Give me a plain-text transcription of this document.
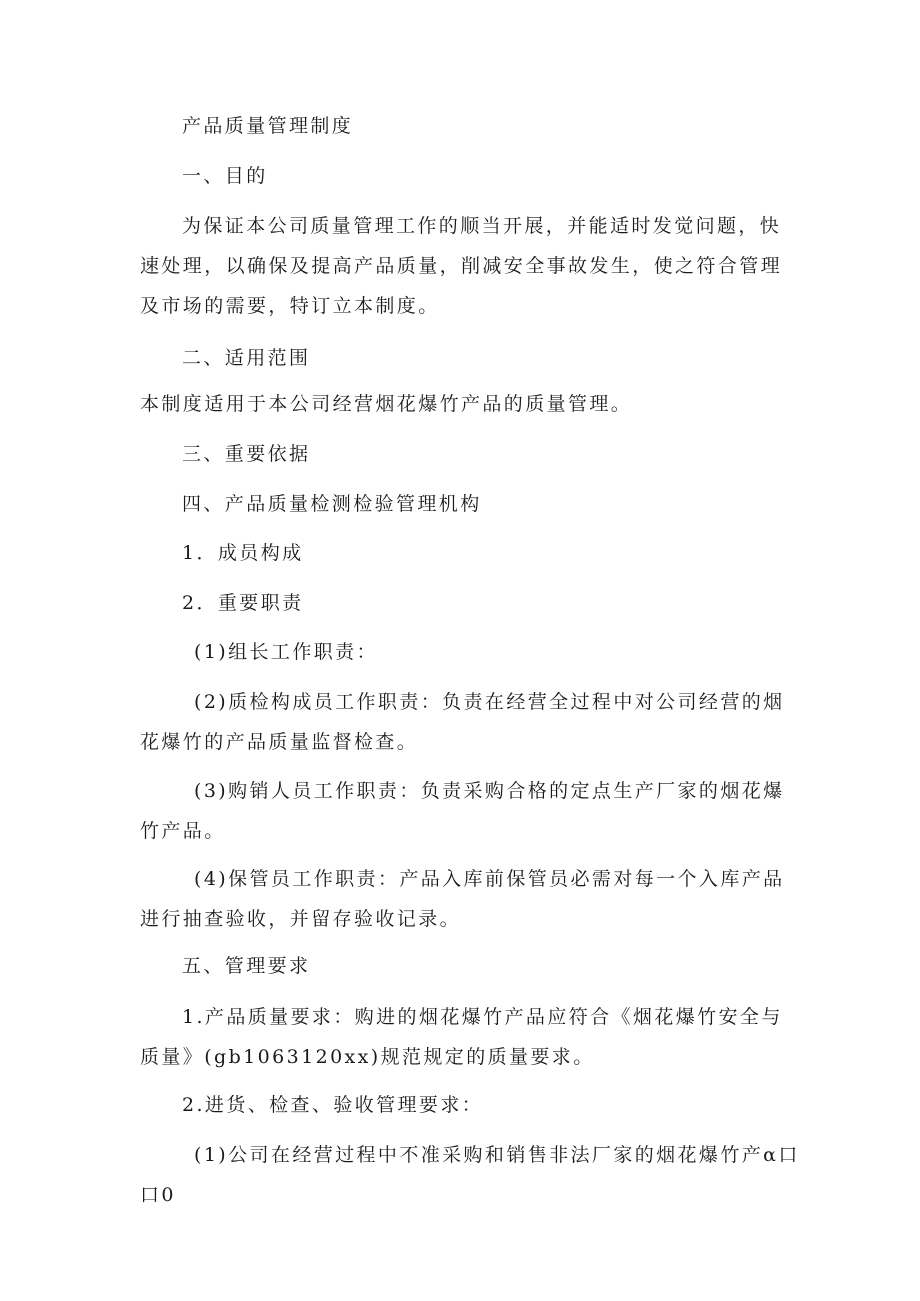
产品质量管理制度

一、目的

为保证本公司质量管理工作的顺当开展，并能适时发觉问题，快速处理，以确保及提高产品质量，削减安全事故发生，使之符合管理及市场的需要，特订立本制度。

二、适用范围

本制度适用于本公司经营烟花爆竹产品的质量管理。

三、重要依据

四、产品质量检测检验管理机构

1．成员构成

2．重要职责

(1)组长工作职责：

(2)质检构成员工作职责：负责在经营全过程中对公司经营的烟花爆竹的产品质量监督检查。

(3)购销人员工作职责：负责采购合格的定点生产厂家的烟花爆竹产品。

(4)保管员工作职责：产品入库前保管员必需对每一个入库产品进行抽查验收，并留存验收记录。

五、管理要求

1.产品质量要求：购进的烟花爆竹产品应符合《烟花爆竹安全与质量》(gb1063120xx)规范规定的质量要求。

2.进货、检查、验收管理要求：

(1)公司在经营过程中不准采购和销售非法厂家的烟花爆竹产α口口0
